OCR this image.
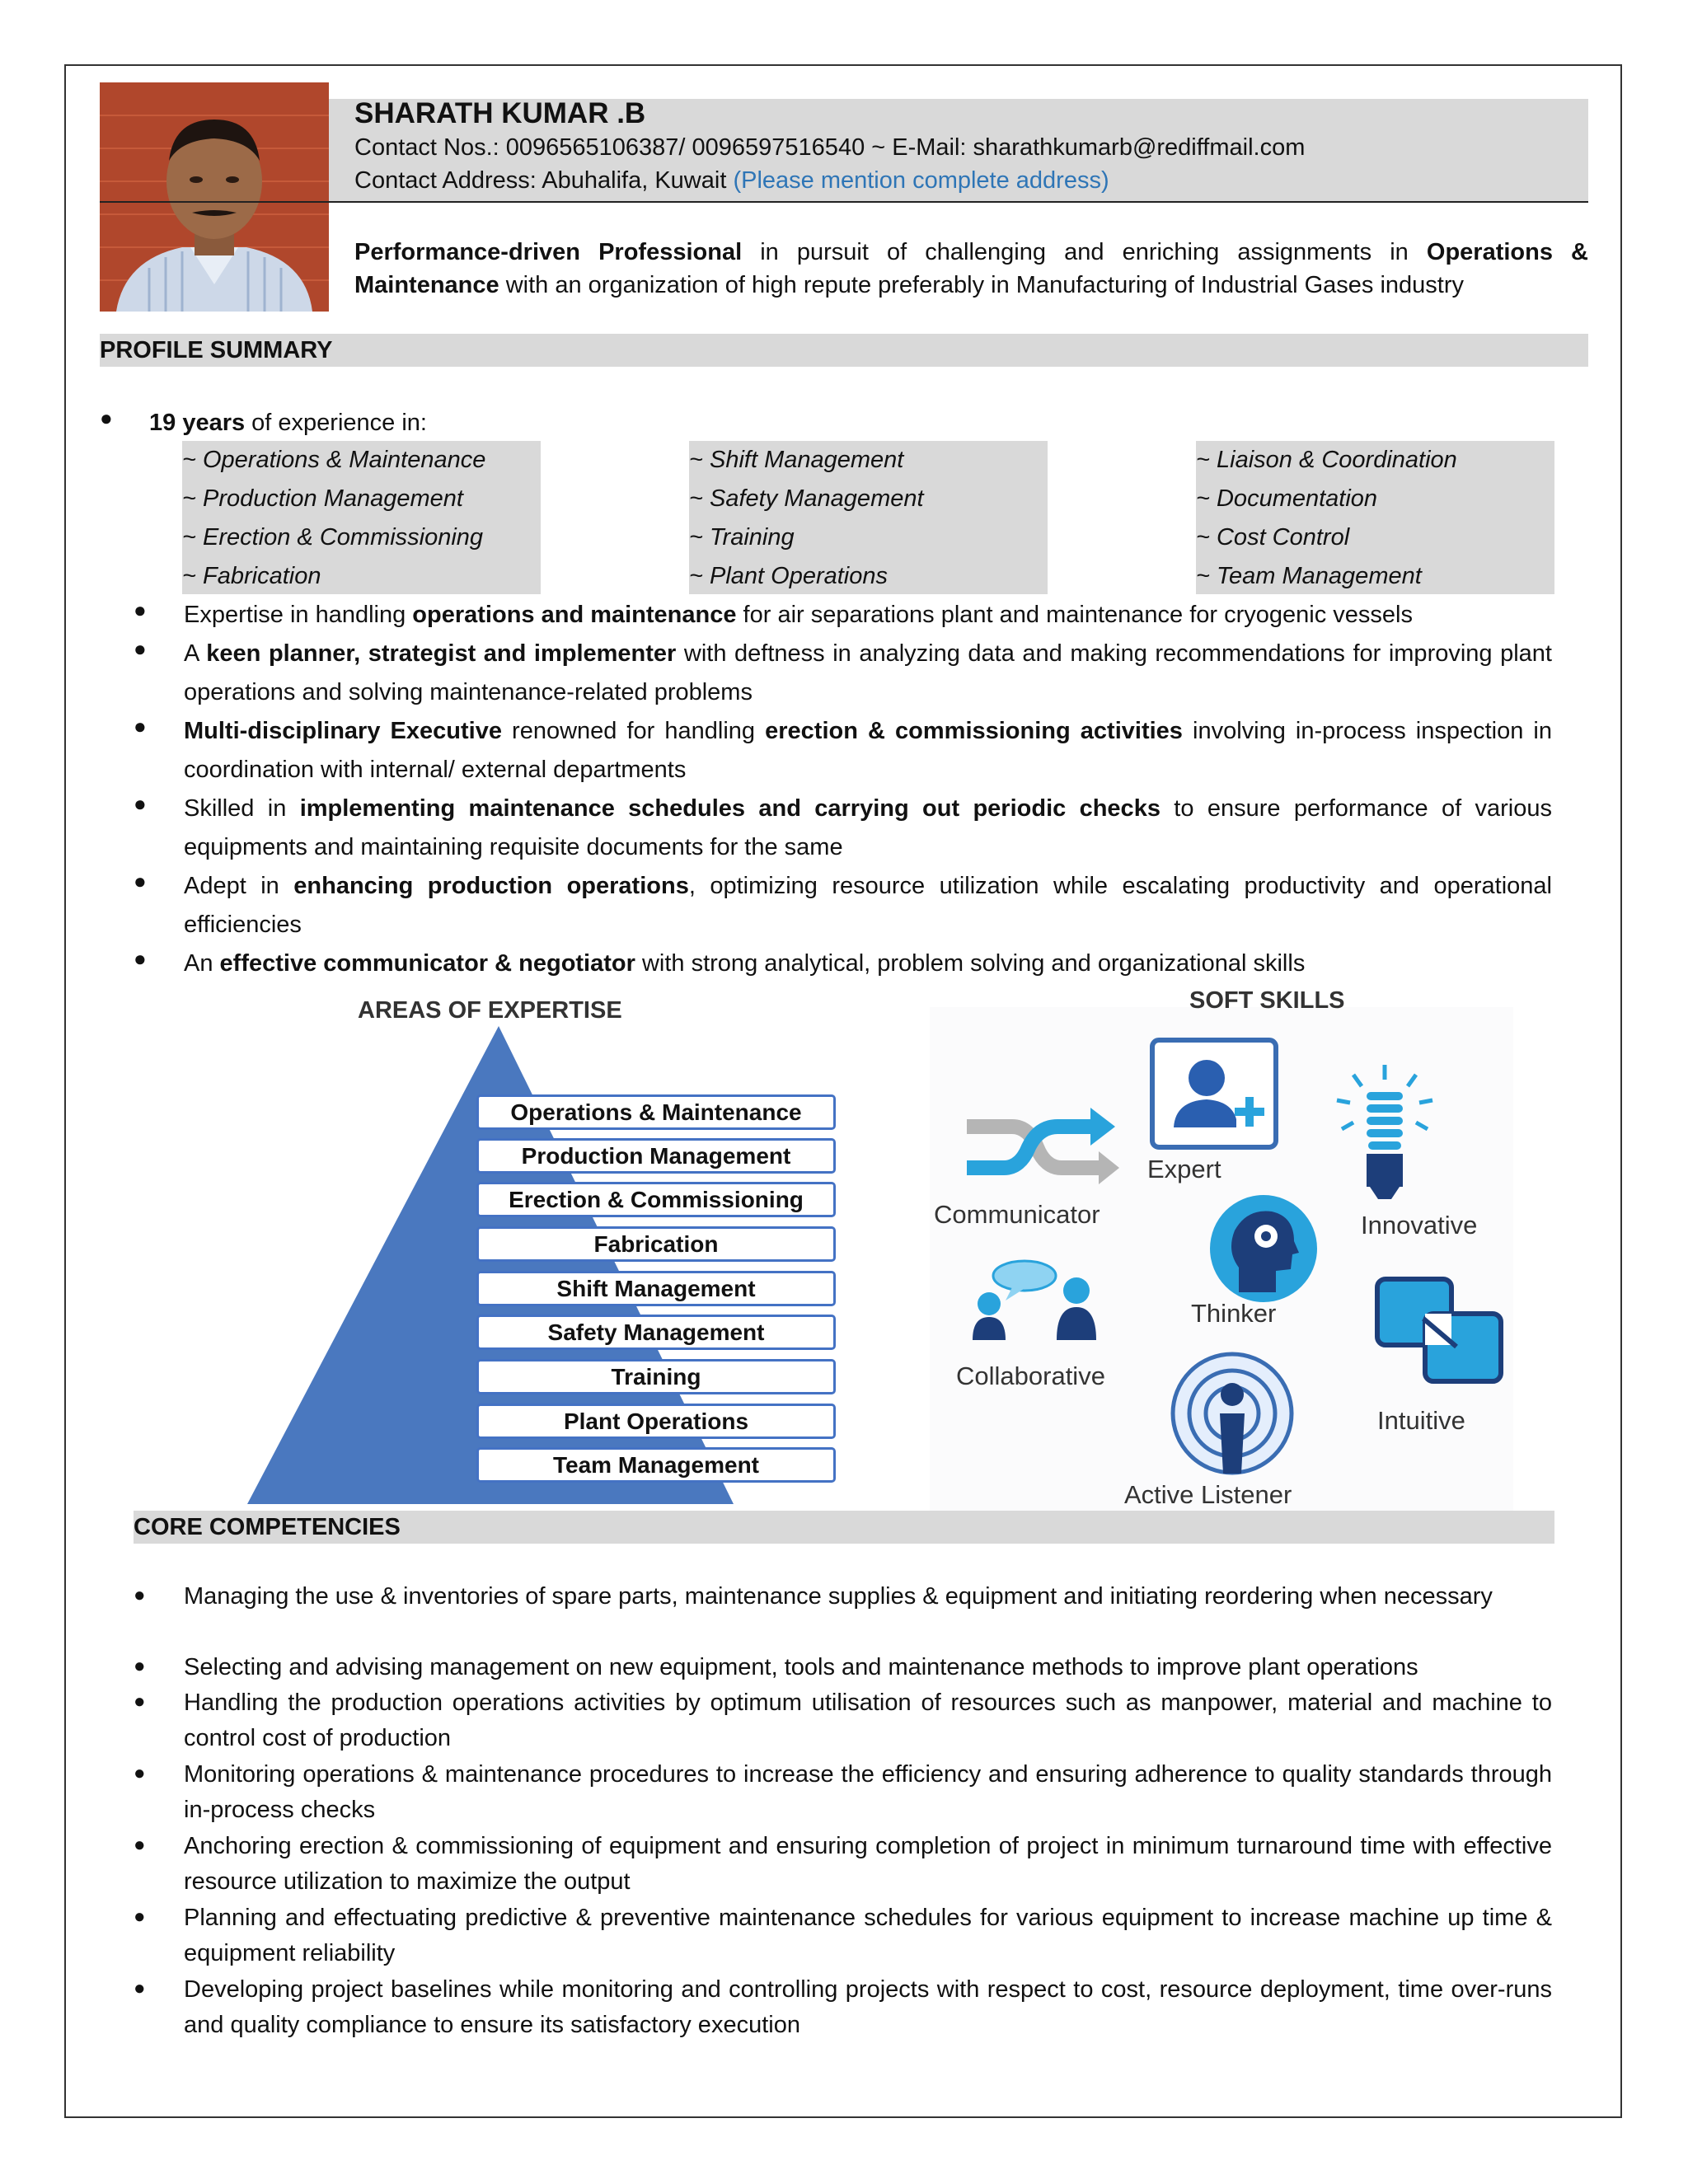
SHARATH KUMAR .B
Contact Nos.: 0096565106387/ 0096597516540 ~ E-Mail: sharathkumarb@rediffmail.com
Contact Address: Abuhalifa, Kuwait (Please mention complete address)
Performance-driven Professional in pursuit of challenging and enriching assignments in Operations &
Maintenance with an organization of high repute preferably in Manufacturing of Industrial Gases industry
PROFILE SUMMARY
● 19 years of experience in:
~ Operations & Maintenance
~ Production Management
~ Erection & Commissioning
~ Fabrication
~ Shift Management
~ Safety Management
~ Training
~ Plant Operations
~ Liaison & Coordination
~ Documentation
~ Cost Control
~ Team Management
● Expertise in handling operations and maintenance for air separations plant and maintenance for cryogenic vessels
● A keen planner, strategist and implementer with deftness in analyzing data and making recommendations for improving plant operations and solving maintenance-related problems
● Multi-disciplinary Executive renowned for handling erection & commissioning activities involving in-process inspection in coordination with internal/ external departments
● Skilled in implementing maintenance schedules and carrying out periodic checks to ensure performance of various equipments and maintaining requisite documents for the same
● Adept in enhancing production operations, optimizing resource utilization while escalating productivity and operational efficiencies
● An effective communicator & negotiator with strong analytical, problem solving and organizational skills
AREAS OF EXPERTISE
Operations & Maintenance
Production Management
Erection & Commissioning
Fabrication
Shift Management
Safety Management
Training
Plant Operations
Team Management
SOFT SKILLS
Communicator
Expert
Innovative
Thinker
Collaborative
Intuitive
Active Listener
CORE COMPETENCIES
● Managing the use & inventories of spare parts, maintenance supplies & equipment and initiating reordering when necessary
● Selecting and advising management on new equipment, tools and maintenance methods to improve plant operations
● Handling the production operations activities by optimum utilisation of resources such as manpower, material and machine to control cost of production
● Monitoring operations & maintenance procedures to increase the efficiency and ensuring adherence to quality standards through in-process checks
● Anchoring erection & commissioning of equipment and ensuring completion of project in minimum turnaround time with effective resource utilization to maximize the output
● Planning and effectuating predictive & preventive maintenance schedules for various equipment to increase machine up time & equipment reliability
● Developing project baselines while monitoring and controlling projects with respect to cost, resource deployment, time over-runs and quality compliance to ensure its satisfactory execution
